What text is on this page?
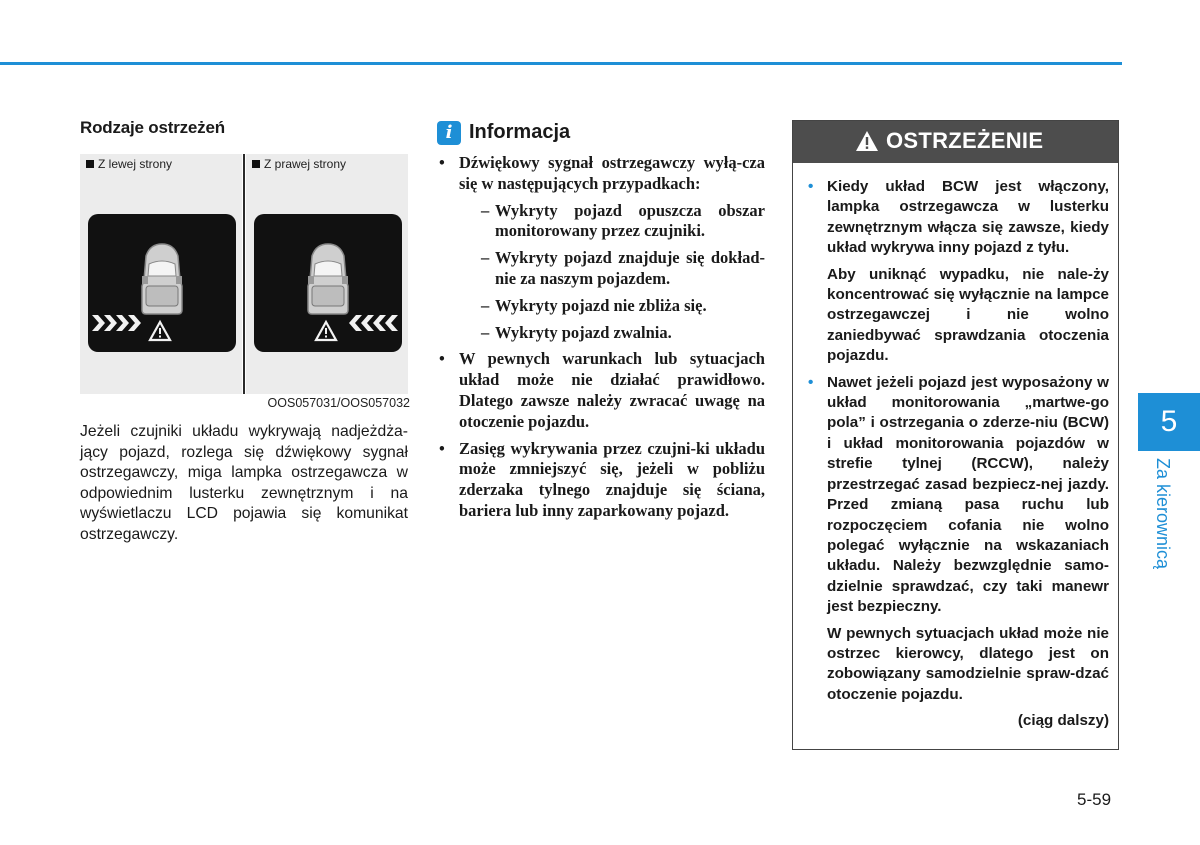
Rodzaje ostrzeżeń
Z lewej strony	Z prawej strony
OOS057031/OOS057032
Jeżeli czujniki układu wykrywają nadjeżdża-jący pojazd, rozlega się dźwiękowy sygnał ostrzegawczy, miga lampka ostrzegawcza w odpowiednim lusterku zewnętrznym i na wyświetlaczu LCD pojawia się komunikat ostrzegawczy.
i Informacja
• Dźwiękowy sygnał ostrzegawczy wyłą-cza się w następujących przypadkach:
– Wykryty pojazd opuszcza obszar monitorowany przez czujniki.
– Wykryty pojazd znajduje się dokład-nie za naszym pojazdem.
– Wykryty pojazd nie zbliża się.
– Wykryty pojazd zwalnia.
• W pewnych warunkach lub sytuacjach układ może nie działać prawidłowo. Dlatego zawsze należy zwracać uwagę na otoczenie pojazdu.
• Zasięg wykrywania przez czujni-ki układu może zmniejszyć się, jeżeli w pobliżu zderzaka tylnego znajduje się ściana, bariera lub inny zaparkowany pojazd.
OSTRZEŻENIE
• Kiedy układ BCW jest włączony, lampka ostrzegawcza w lusterku zewnętrznym włącza się zawsze, kiedy układ wykrywa inny pojazd z tyłu.
Aby uniknąć wypadku, nie nale-ży koncentrować się wyłącznie na lampce ostrzegawczej i nie wolno zaniedbywać sprawdzania otoczenia pojazdu.
• Nawet jeżeli pojazd jest wyposażony w układ monitorowania „martwe-go pola” i ostrzegania o zderze-niu (BCW) i układ monitorowania pojazdów w strefie tylnej (RCCW), należy przestrzegać zasad bezpiecz-nej jazdy. Przed zmianą pasa ruchu lub rozpoczęciem cofania nie wolno polegać wyłącznie na wskazaniach układu. Należy bezwzględnie samo-dzielnie sprawdzać, czy taki manewr jest bezpieczny.
W pewnych sytuacjach układ może nie ostrzec kierowcy, dlatego jest on zobowiązany samodzielnie spraw-dzać otoczenie pojazdu.
(ciąg dalszy)
5
Za kierownicą
5-59
